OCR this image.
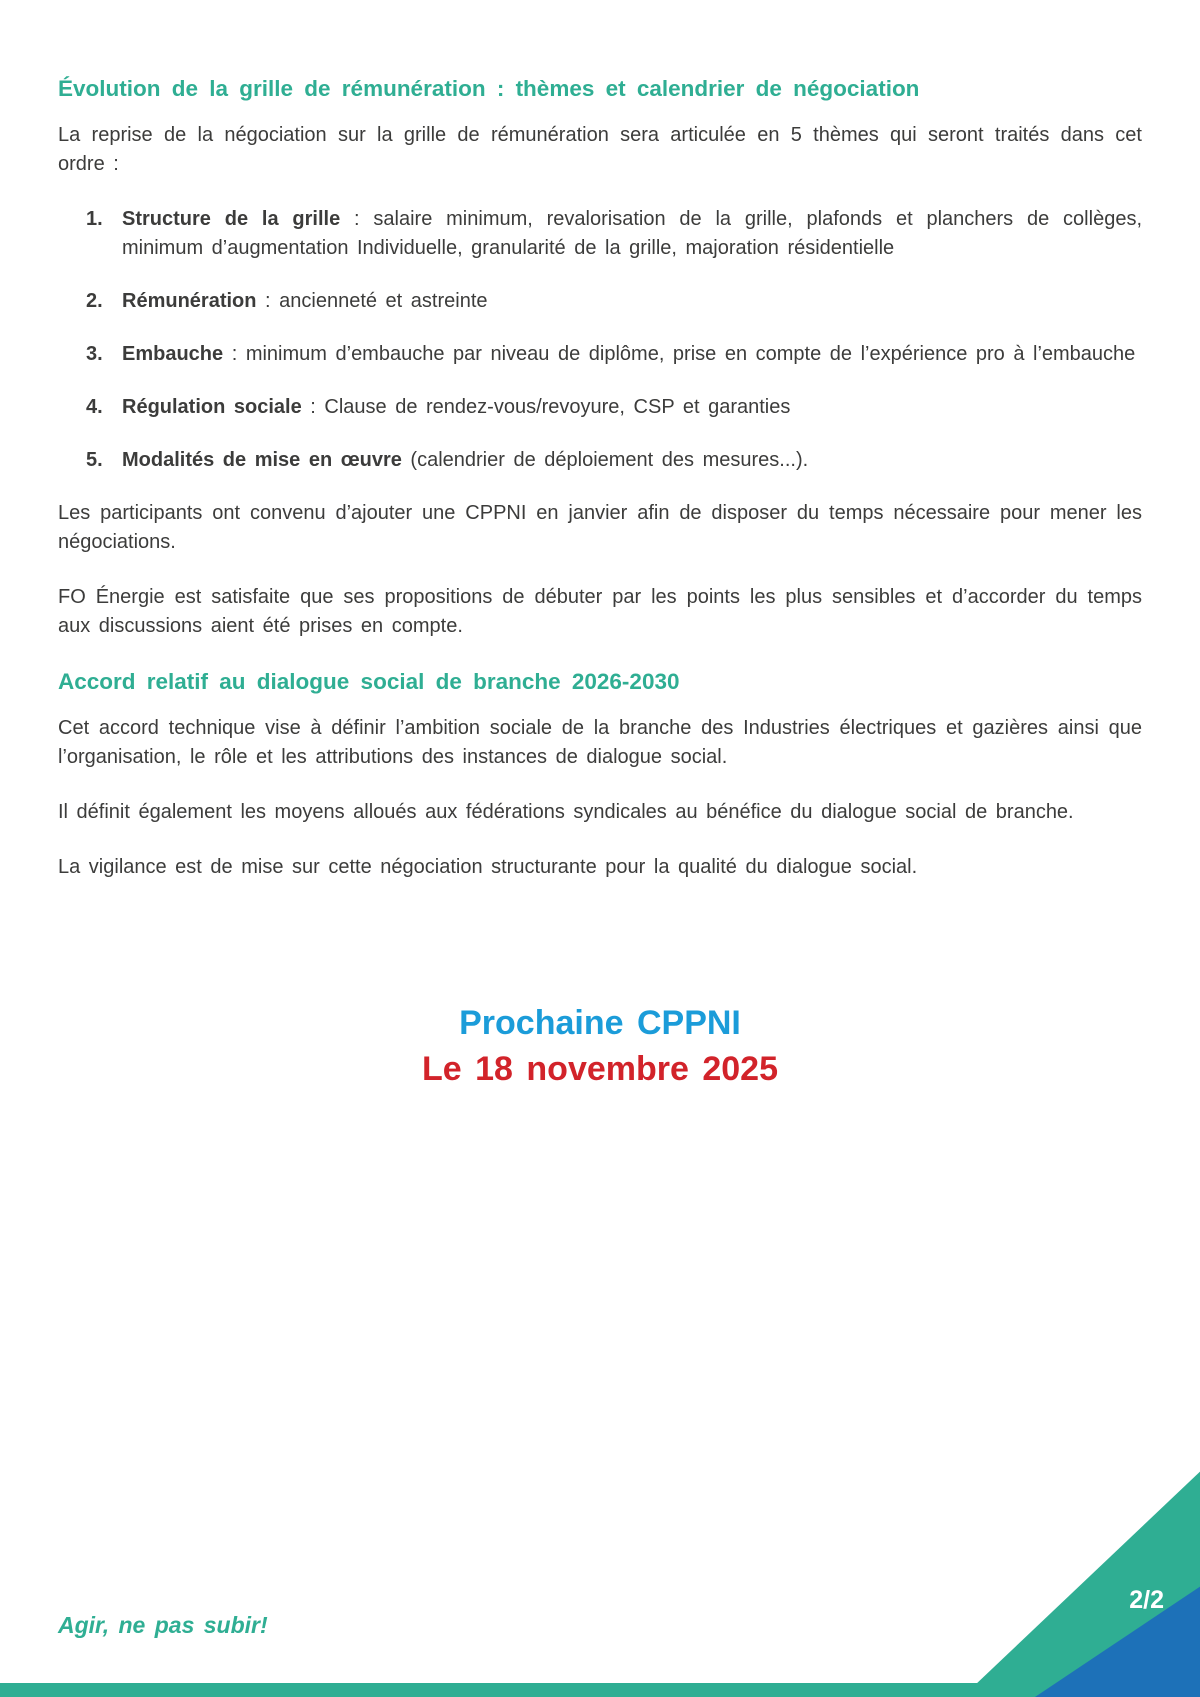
Évolution de la grille de rémunération : thèmes et calendrier de négociation

La reprise de la négociation sur la grille de rémunération sera articulée en 5 thèmes qui seront traités dans cet ordre :

1. Structure de la grille : salaire minimum, revalorisation de la grille, plafonds et planchers de collèges, minimum d’augmentation Individuelle, granularité de la grille, majoration résidentielle
2. Rémunération : ancienneté et astreinte
3. Embauche : minimum d’embauche par niveau de diplôme, prise en compte de l’expérience pro à l’embauche
4. Régulation sociale : Clause de rendez-vous/revoyure, CSP et garanties
5. Modalités de mise en œuvre (calendrier de déploiement des mesures...).

Les participants ont convenu d’ajouter une CPPNI en janvier afin de disposer du temps nécessaire pour mener les négociations.

FO Énergie est satisfaite que ses propositions de débuter par les points les plus sensibles et d’accorder du temps aux discussions aient été prises en compte.

Accord relatif au dialogue social de branche 2026-2030

Cet accord technique vise à définir l’ambition sociale de la branche des Industries électriques et gazières ainsi que l’organisation, le rôle et les attributions des instances de dialogue social.

Il définit également les moyens alloués aux fédérations syndicales au bénéfice du dialogue social de branche.

La vigilance est de mise sur cette négociation structurante pour la qualité du dialogue social.

Prochaine CPPNI
Le 18 novembre 2025
Agir, ne pas subir!
2/2
